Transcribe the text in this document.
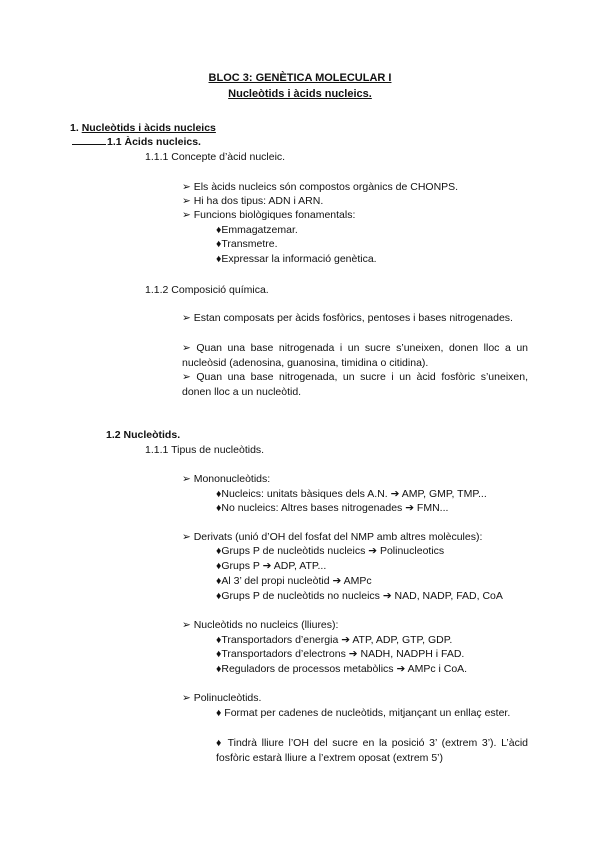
BLOC 3: GENÈTICA MOLECULAR I
Nucleòtids i àcids nucleics.
1. Nucleòtids i àcids nucleics
1.1 Àcids nucleics.
1.1.1 Concepte d’àcid nucleic.
➢ Els àcids nucleics són compostos orgànics de CHONPS.
➢ Hi ha dos tipus: ADN i ARN.
➢ Funcions biològiques fonamentals:
♦Emmagatzemar.
♦Transmetre.
♦Expressar la informació genètica.
1.1.2 Composició química.
➢ Estan composats per àcids fosfòrics, pentoses i bases nitrogenades.
➢ Quan una base nitrogenada i un sucre s’uneixen, donen lloc a un nucleòsid (adenosina, guanosina, timidina o citidina).
➢ Quan una base nitrogenada, un sucre i un àcid fosfòric s’uneixen, donen lloc a un nucleòtid.
1.2 Nucleòtids.
1.1.1 Tipus de nucleòtids.
➢ Mononucleòtids:
♦Nucleics: unitats bàsiques dels A.N. ➔ AMP, GMP, TMP...
♦No nucleics: Altres bases nitrogenades ➔ FMN...
➢ Derivats (unió d’OH del fosfat del NMP amb altres molècules):
♦Grups P de nucleòtids nucleics ➔ Polinucleotics
♦Grups P ➔ ADP, ATP...
♦Al 3’ del propi nucleòtid ➔ AMPc
♦Grups P de nucleòtids no nucleics ➔ NAD, NADP, FAD, CoA
➢ Nucleòtids no nucleics (lliures):
♦Transportadors d’energia ➔ ATP, ADP, GTP, GDP.
♦Transportadors d’electrons ➔ NADH, NADPH i FAD.
♦Reguladors de processos metabòlics ➔ AMPc i CoA.
➢ Polinucleòtids.
♦ Format per cadenes de nucleòtids, mitjançant un enllaç ester.
♦ Tindrà lliure l’OH del sucre en la posició 3’ (extrem 3’). L’àcid fosfòric estarà lliure a l’extrem oposat (extrem 5’)
